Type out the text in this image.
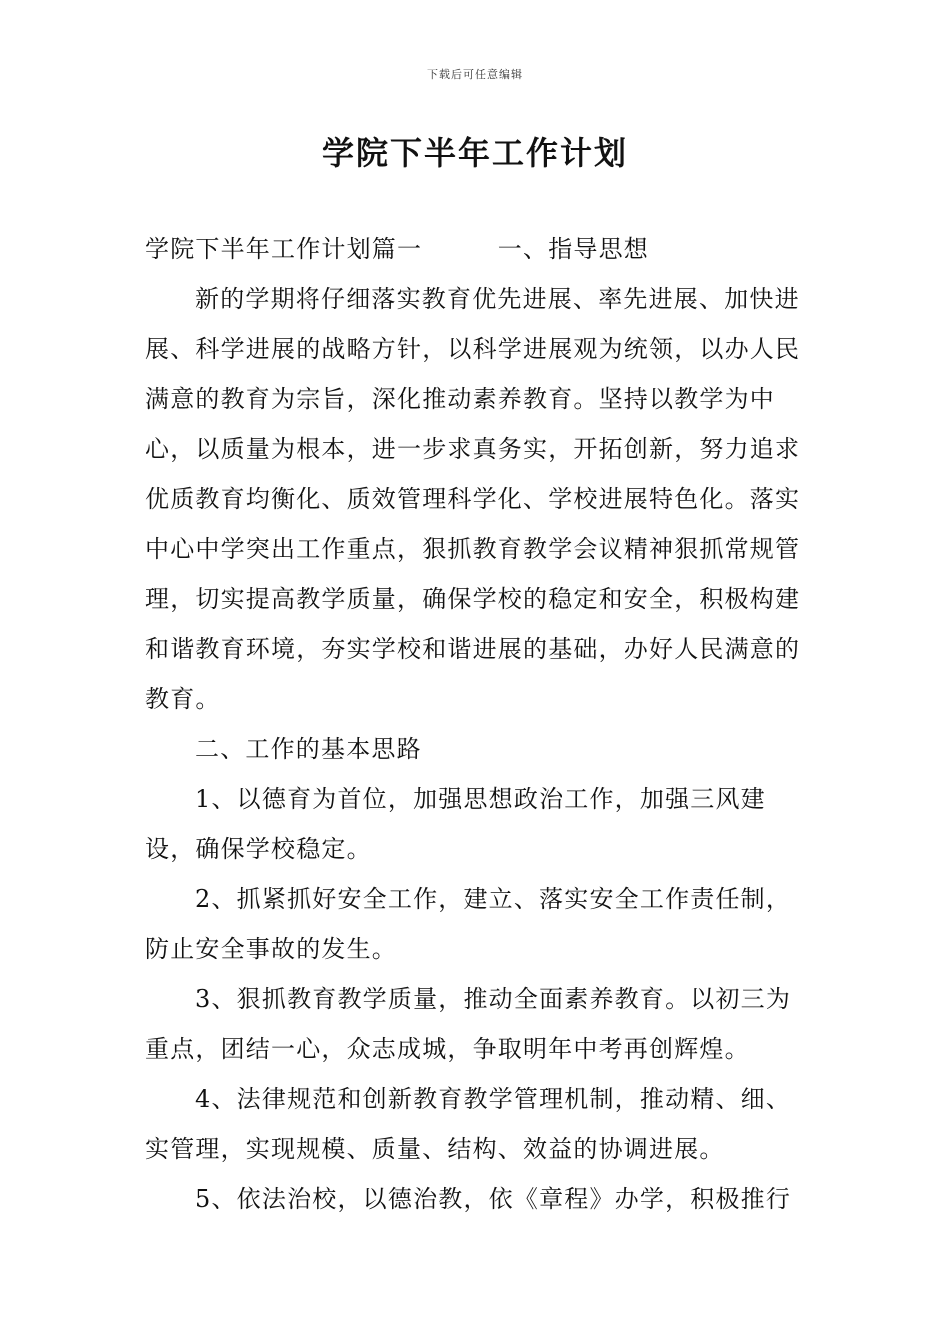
下载后可任意编辑
学院下半年工作计划

学院下半年工作计划篇一　　　一、指导思想

新的学期将仔细落实教育优先进展、率先进展、加快进展、科学进展的战略方针，以科学进展观为统领，以办人民满意的教育为宗旨，深化推动素养教育。坚持以教学为中心，以质量为根本，进一步求真务实，开拓创新，努力追求优质教育均衡化、质效管理科学化、学校进展特色化。落实中心中学突出工作重点，狠抓教育教学会议精神狠抓常规管理，切实提高教学质量，确保学校的稳定和安全，积极构建和谐教育环境，夯实学校和谐进展的基础，办好人民满意的教育。

二、工作的基本思路

1、以德育为首位，加强思想政治工作，加强三风建设，确保学校稳定。

2、抓紧抓好安全工作，建立、落实安全工作责任制，防止安全事故的发生。

3、狠抓教育教学质量，推动全面素养教育。以初三为重点，团结一心，众志成城，争取明年中考再创辉煌。

4、法律规范和创新教育教学管理机制，推动精、细、实管理，实现规模、质量、结构、效益的协调进展。

5、依法治校，以德治教，依《章程》办学，积极推行
